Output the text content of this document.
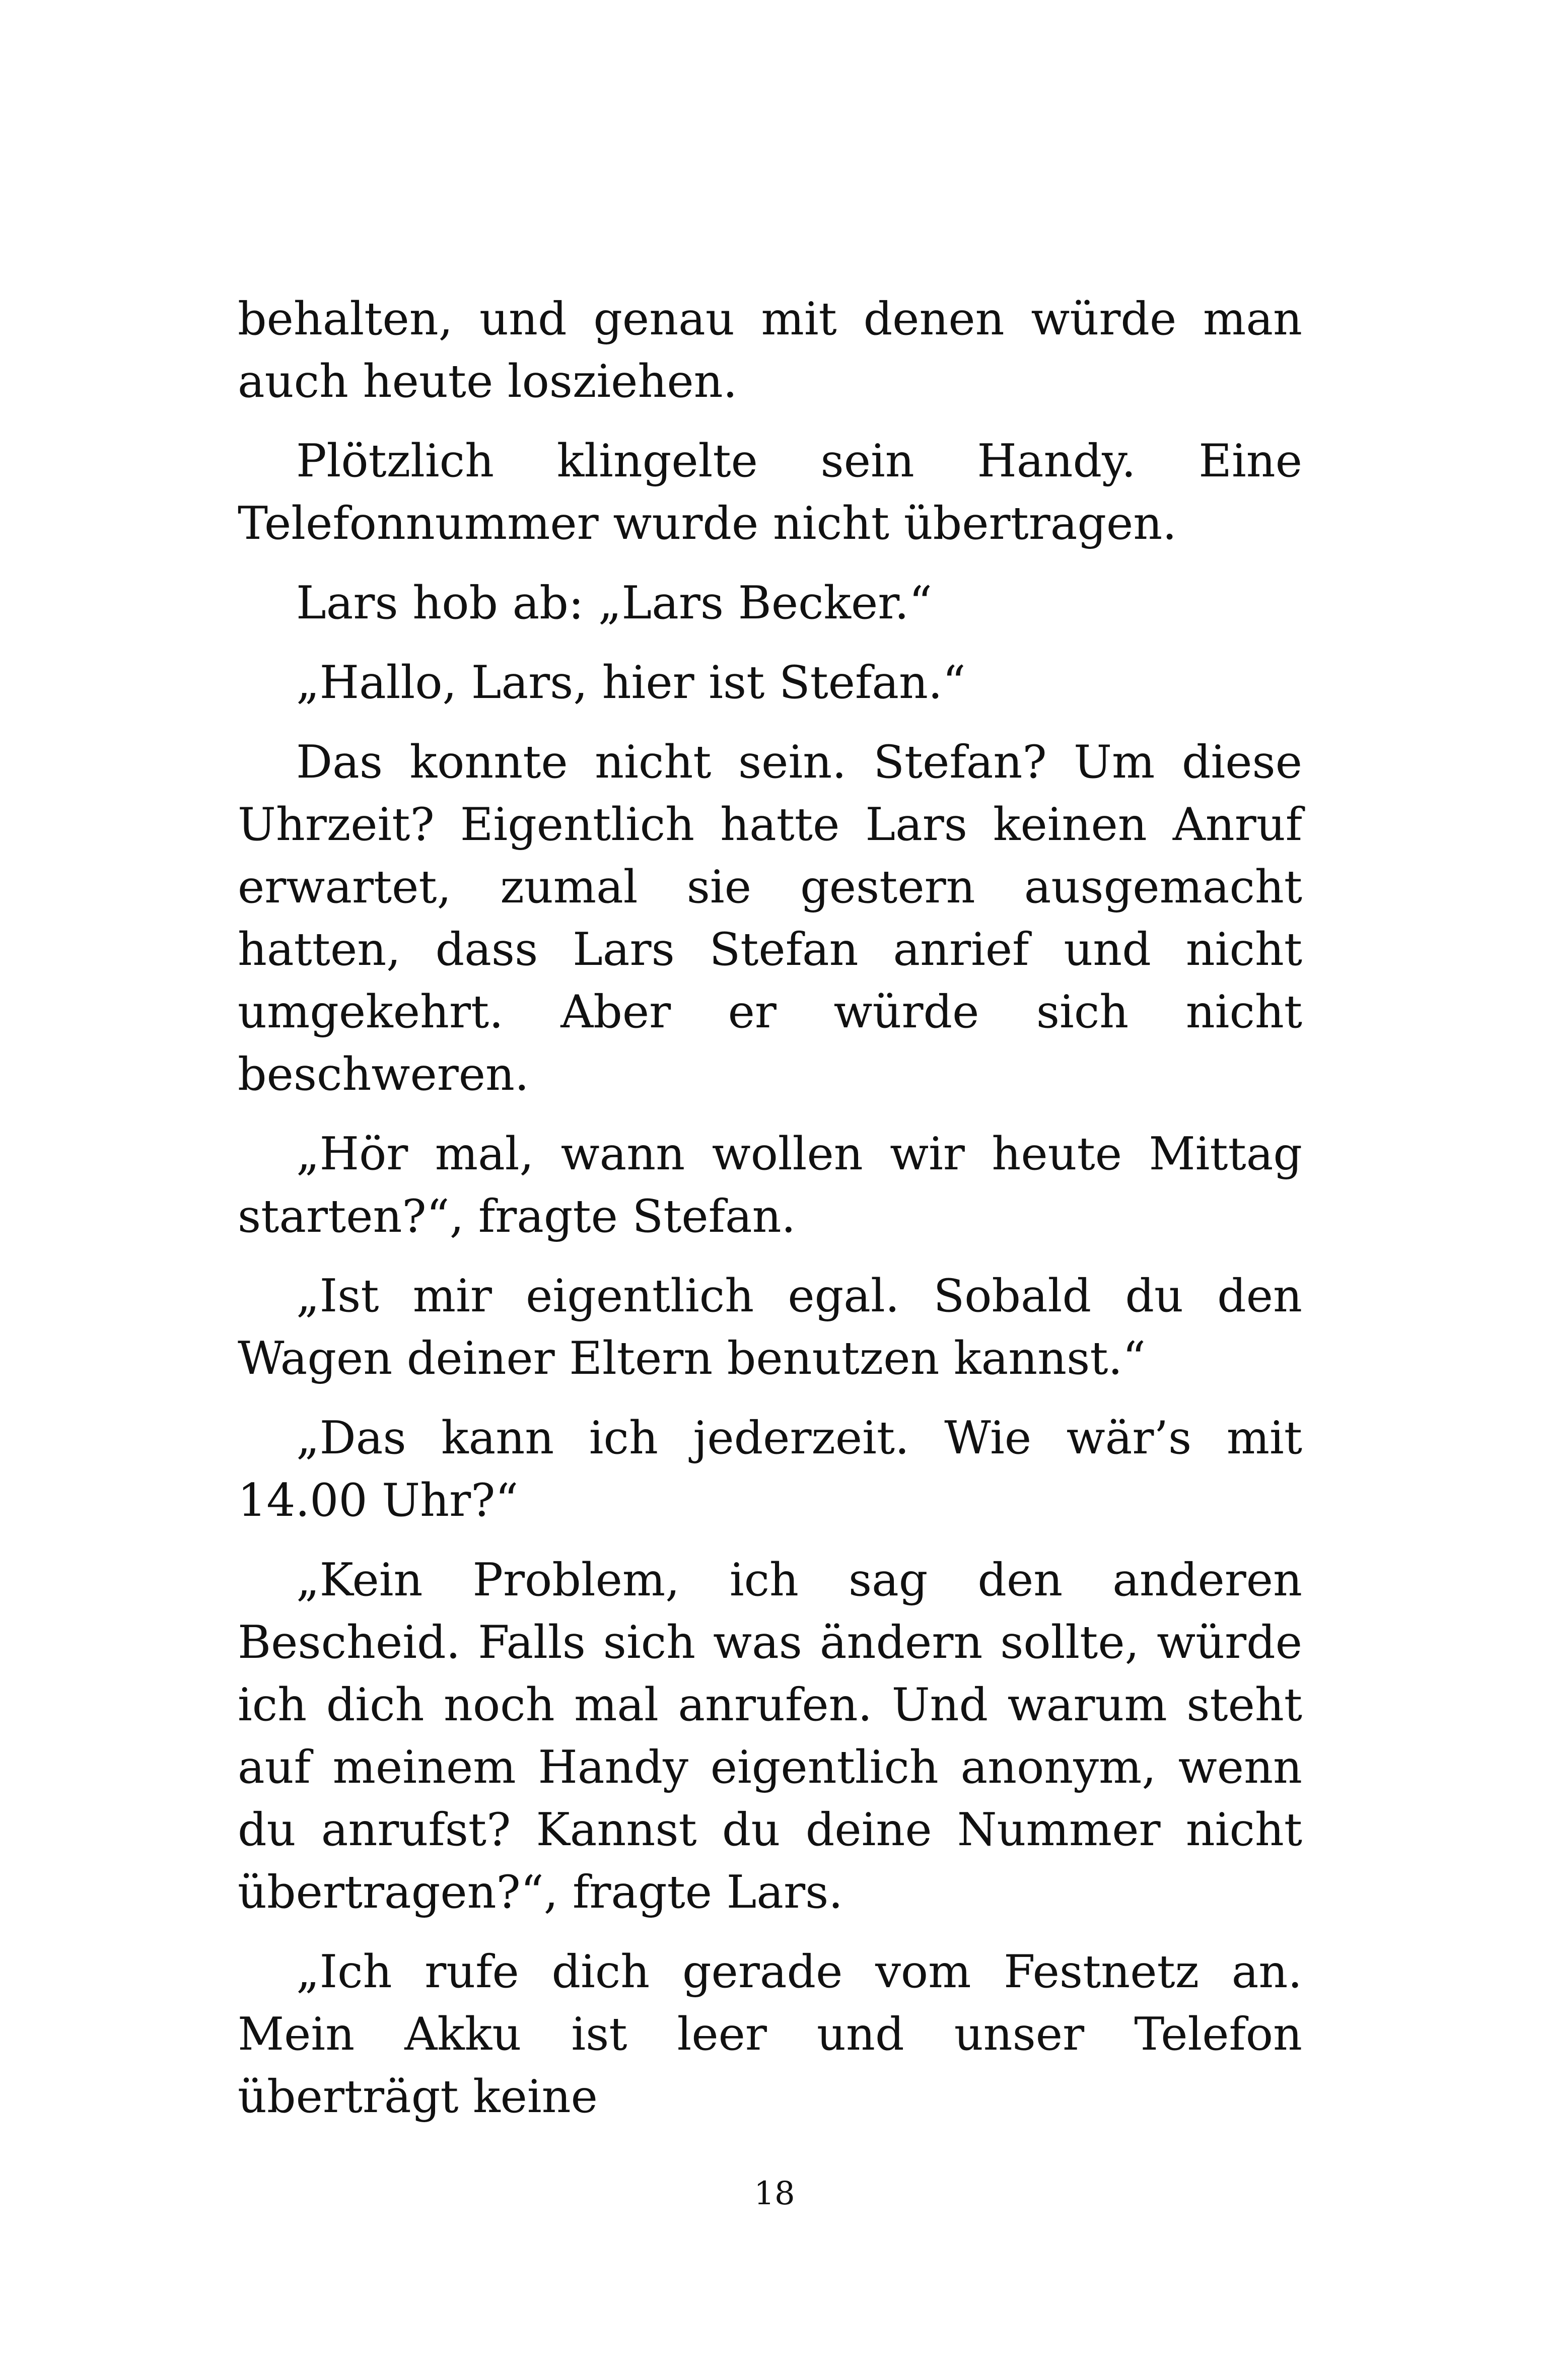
behalten, und genau mit denen würde man auch heute losziehen.

Plötzlich klingelte sein Handy. Eine Telefonnummer wurde nicht übertragen.

Lars hob ab: „Lars Becker.“

„Hallo, Lars, hier ist Stefan.“

Das konnte nicht sein. Stefan? Um diese Uhrzeit? Eigentlich hatte Lars keinen Anruf erwartet, zumal sie gestern ausgemacht hatten, dass Lars Stefan anrief und nicht umgekehrt. Aber er würde sich nicht beschweren.

„Hör mal, wann wollen wir heute Mittag starten?“, fragte Stefan.

„Ist mir eigentlich egal. Sobald du den Wagen deiner Eltern benutzen kannst.“

„Das kann ich jederzeit. Wie wär’s mit 14.00 Uhr?“

„Kein Problem, ich sag den anderen Bescheid. Falls sich was ändern sollte, würde ich dich noch mal anrufen. Und warum steht auf meinem Handy eigentlich anonym, wenn du anrufst? Kannst du deine Nummer nicht übertragen?“, fragte Lars.

„Ich rufe dich gerade vom Festnetz an. Mein Akku ist leer und unser Telefon überträgt keine

18
